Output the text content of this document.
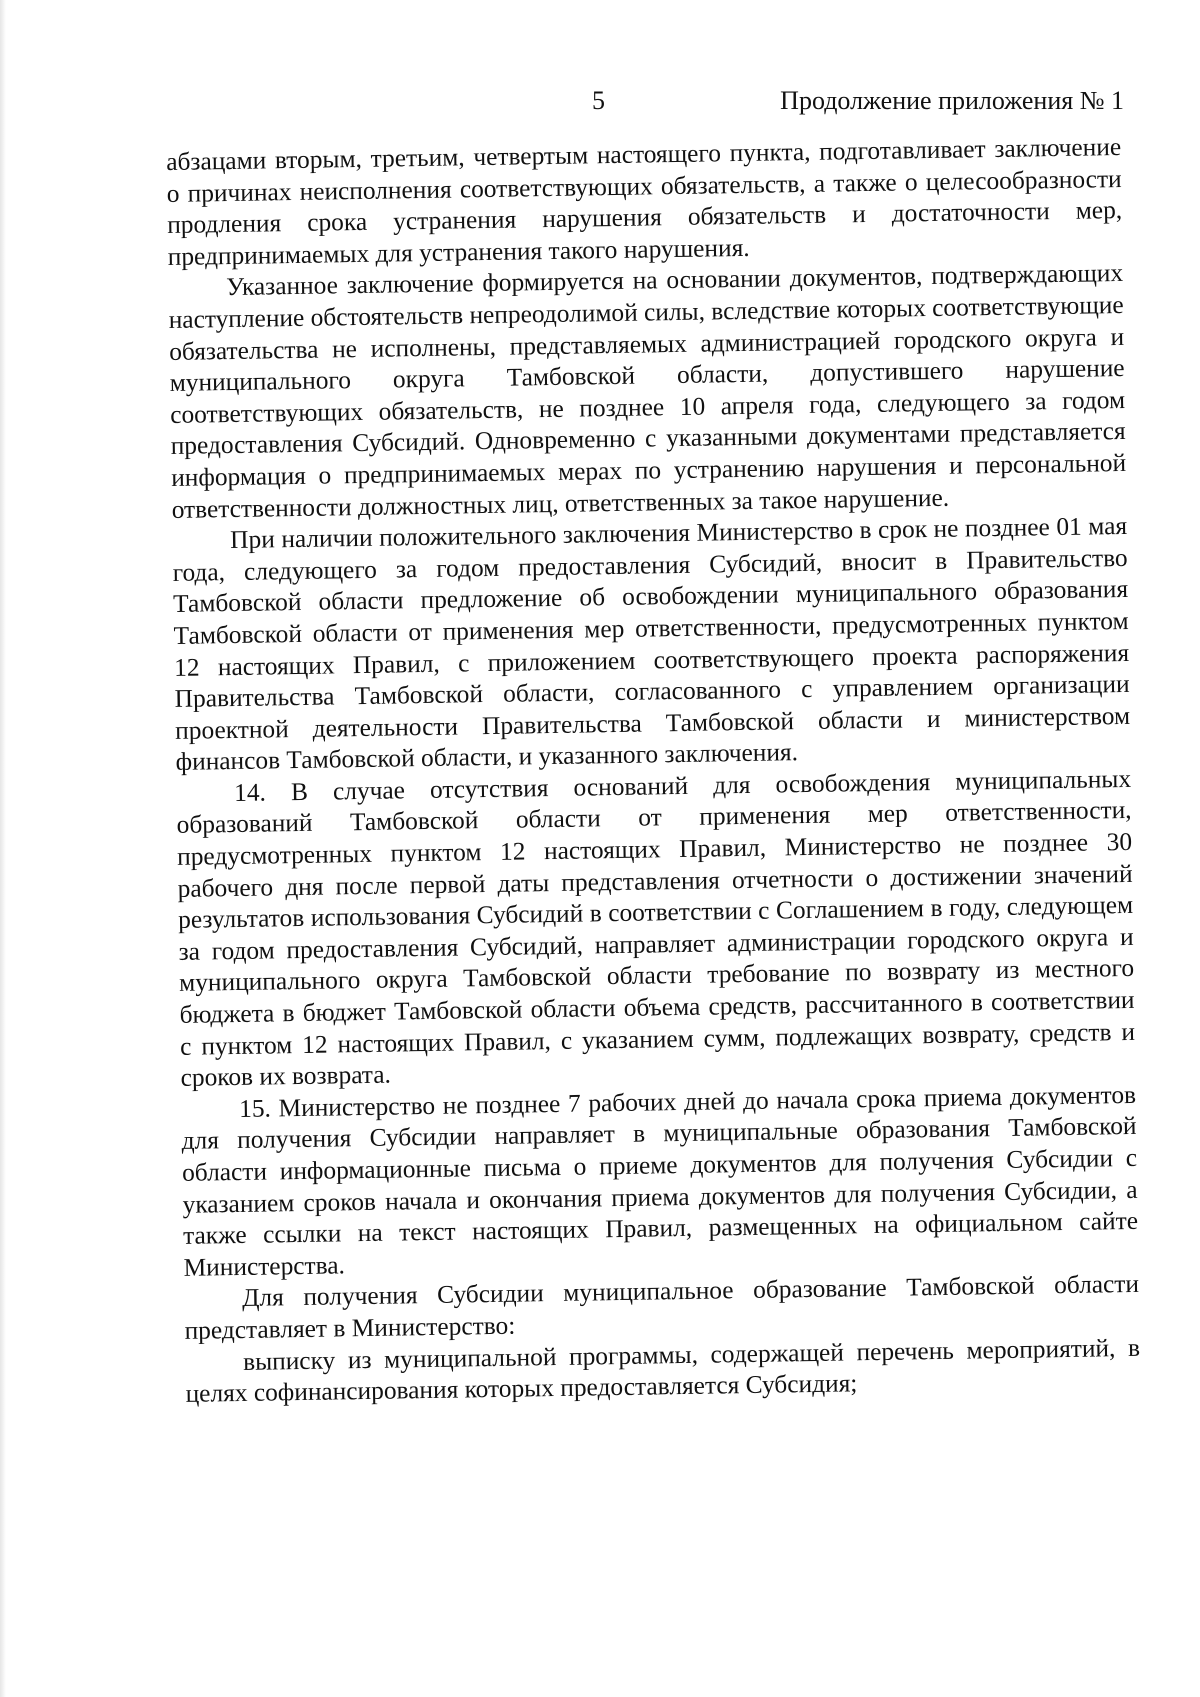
5	Продолжение приложения № 1

абзацами вторым, третьим, четвертым настоящего пункта, подготавливает заключение о причинах неисполнения соответствующих обязательств, а также о целесообразности продления срока устранения нарушения обязательств и достаточности мер, предпринимаемых для устранения такого нарушения.

Указанное заключение формируется на основании документов, подтверждающих наступление обстоятельств непреодолимой силы, вследствие которых соответствующие обязательства не исполнены, представляемых администрацией городского округа и муниципального округа Тамбовской области, допустившего нарушение соответствующих обязательств, не позднее 10 апреля года, следующего за годом предоставления Субсидий. Одновременно с указанными документами представляется информация о предпринимаемых мерах по устранению нарушения и персональной ответственности должностных лиц, ответственных за такое нарушение.

При наличии положительного заключения Министерство в срок не позднее 01 мая года, следующего за годом предоставления Субсидий, вносит в Правительство Тамбовской области предложение об освобождении муниципального образования Тамбовской области от применения мер ответственности, предусмотренных пунктом 12 настоящих Правил, с приложением соответствующего проекта распоряжения Правительства Тамбовской области, согласованного с управлением организации проектной деятельности Правительства Тамбовской области и министерством финансов Тамбовской области, и указанного заключения.

14. В случае отсутствия оснований для освобождения муниципальных образований Тамбовской области от применения мер ответственности, предусмотренных пунктом 12 настоящих Правил, Министерство не позднее 30 рабочего дня после первой даты представления отчетности о достижении значений результатов использования Субсидий в соответствии с Соглашением в году, следующем за годом предоставления Субсидий, направляет администрации городского округа и муниципального округа Тамбовской области требование по возврату из местного бюджета в бюджет Тамбовской области объема средств, рассчитанного в соответствии с пунктом 12 настоящих Правил, с указанием сумм, подлежащих возврату, средств и сроков их возврата.

15. Министерство не позднее 7 рабочих дней до начала срока приема документов для получения Субсидии направляет в муниципальные образования Тамбовской области информационные письма о приеме документов для получения Субсидии с указанием сроков начала и окончания приема документов для получения Субсидии, а также ссылки на текст настоящих Правил, размещенных на официальном сайте Министерства.

Для получения Субсидии муниципальное образование Тамбовской области представляет в Министерство:

выписку из муниципальной программы, содержащей перечень мероприятий, в целях софинансирования которых предоставляется Субсидия;
